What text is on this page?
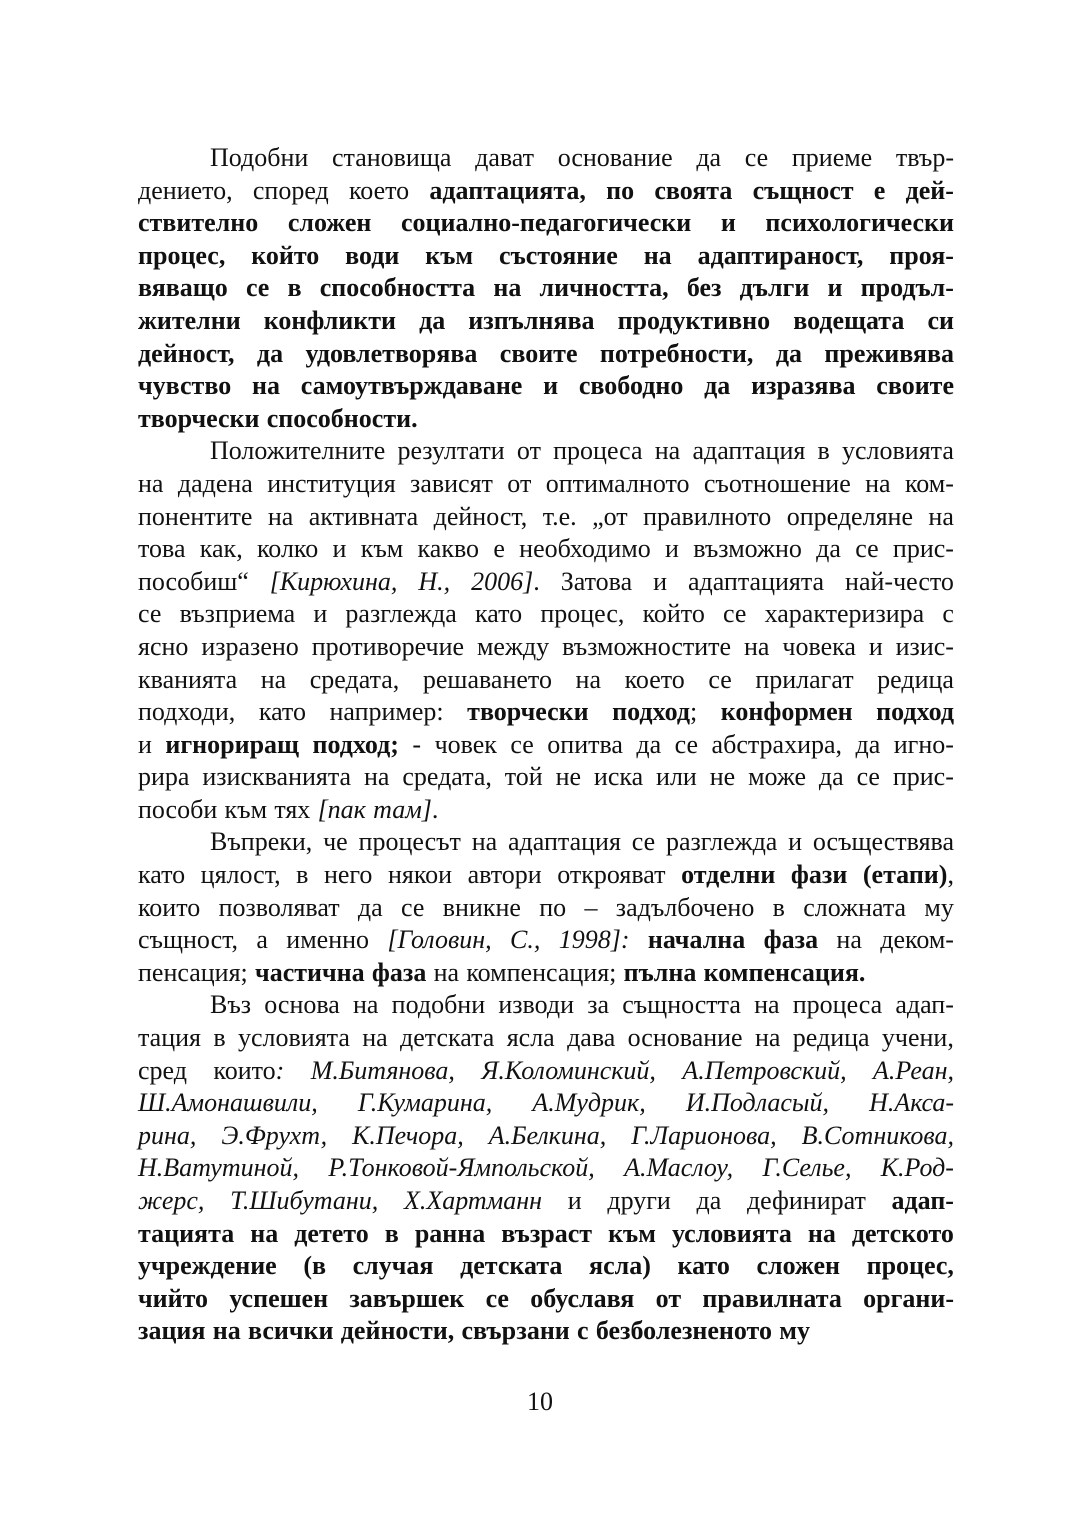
Подобни становища дават основание да се приеме твър-
дението, според което адаптацията, по своята същност е дей-
ствително сложен социално-педагогически и психологически
процес, който води към състояние на адаптираност, проя-
вяващо се в способността на личността, без дълги и продъл-
жителни конфликти да изпълнява продуктивно водещата си
дейност, да удовлетворява своите потребности, да преживява
чувство на самоутвърждаване и свободно да изразява своите
творчески способности.
Положителните резултати от процеса на адаптация в условията
на дадена институция зависят от оптималното съотношение на ком-
понентите на активната дейност, т.е. „от правилното определяне на
това как, колко и към какво е необходимо и възможно да се прис-
пособиш“ [Кирюхина, Н., 2006]. Затова и адаптацията най-често
се възприема и разглежда като процес, който се характеризира с
ясно изразено противоречие между възможностите на човека и изис-
кванията на средата, решаването на което се прилагат редица
подходи, като например: творчески подход; конформен подход
и игнориращ подход; - човек се опитва да се абстрахира, да игно-
рира изискванията на средата, той не иска или не може да се прис-
пособи към тях [пак там].
Въпреки, че процесът на адаптация се разглежда и осъществява
като цялост, в него някои автори открояват отделни фази (етапи),
които позволяват да се вникне по – задълбочено в сложната му
същност, а именно [Головин, С., 1998]: начална фаза на деком-
пенсация; частична фаза на компенсация; пълна компенсация.
Въз основа на подобни изводи за същността на процеса адап-
тация в условията на детската ясла дава основание на редица учени,
сред които: М.Битянова, Я.Коломинский, А.Петровский, А.Реан,
Ш.Амонашвили, Г.Кумарина, А.Мудрик, И.Подласый, Н.Акса-
рина, Э.Фрухт, К.Печора, А.Белкина, Г.Ларионова, В.Сотникова,
Н.Ватутиной, Р.Тонковой-Ямпольской, А.Маслоу, Г.Селье, К.Род-
жерс, Т.Шибутани, Х.Хартманн и други да дефинират адап-
тацията на детето в ранна възраст към условията на детското
учреждение (в случая детската ясла) като сложен процес,
чийто успешен завършек се обуславя от правилната органи-
зация на всички дейности, свързани с безболезненото му
10
